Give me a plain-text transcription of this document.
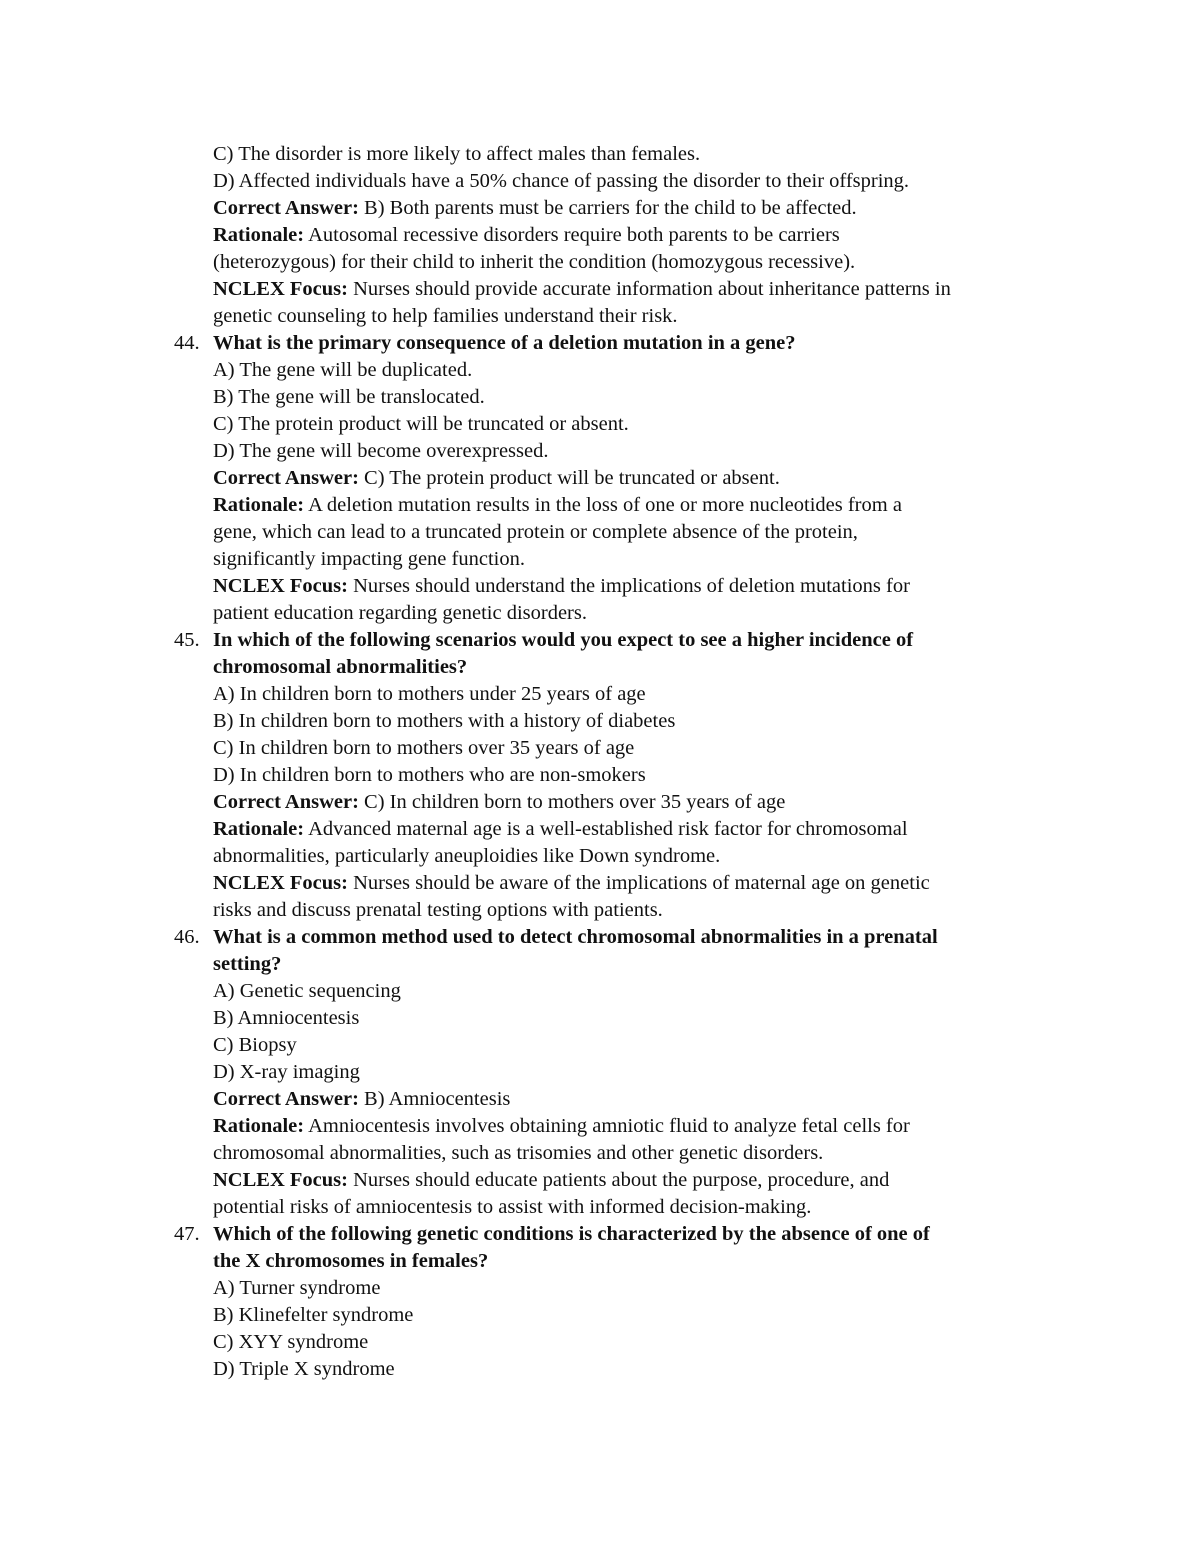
C) The disorder is more likely to affect males than females.
D) Affected individuals have a 50% chance of passing the disorder to their offspring.
Correct Answer: B) Both parents must be carriers for the child to be affected.
Rationale: Autosomal recessive disorders require both parents to be carriers
(heterozygous) for their child to inherit the condition (homozygous recessive).
NCLEX Focus: Nurses should provide accurate information about inheritance patterns in
genetic counseling to help families understand their risk.
44. What is the primary consequence of a deletion mutation in a gene?
A) The gene will be duplicated.
B) The gene will be translocated.
C) The protein product will be truncated or absent.
D) The gene will become overexpressed.
Correct Answer: C) The protein product will be truncated or absent.
Rationale: A deletion mutation results in the loss of one or more nucleotides from a
gene, which can lead to a truncated protein or complete absence of the protein,
significantly impacting gene function.
NCLEX Focus: Nurses should understand the implications of deletion mutations for
patient education regarding genetic disorders.
45. In which of the following scenarios would you expect to see a higher incidence of
chromosomal abnormalities?
A) In children born to mothers under 25 years of age
B) In children born to mothers with a history of diabetes
C) In children born to mothers over 35 years of age
D) In children born to mothers who are non-smokers
Correct Answer: C) In children born to mothers over 35 years of age
Rationale: Advanced maternal age is a well-established risk factor for chromosomal
abnormalities, particularly aneuploidies like Down syndrome.
NCLEX Focus: Nurses should be aware of the implications of maternal age on genetic
risks and discuss prenatal testing options with patients.
46. What is a common method used to detect chromosomal abnormalities in a prenatal
setting?
A) Genetic sequencing
B) Amniocentesis
C) Biopsy
D) X-ray imaging
Correct Answer: B) Amniocentesis
Rationale: Amniocentesis involves obtaining amniotic fluid to analyze fetal cells for
chromosomal abnormalities, such as trisomies and other genetic disorders.
NCLEX Focus: Nurses should educate patients about the purpose, procedure, and
potential risks of amniocentesis to assist with informed decision-making.
47. Which of the following genetic conditions is characterized by the absence of one of
the X chromosomes in females?
A) Turner syndrome
B) Klinefelter syndrome
C) XYY syndrome
D) Triple X syndrome
